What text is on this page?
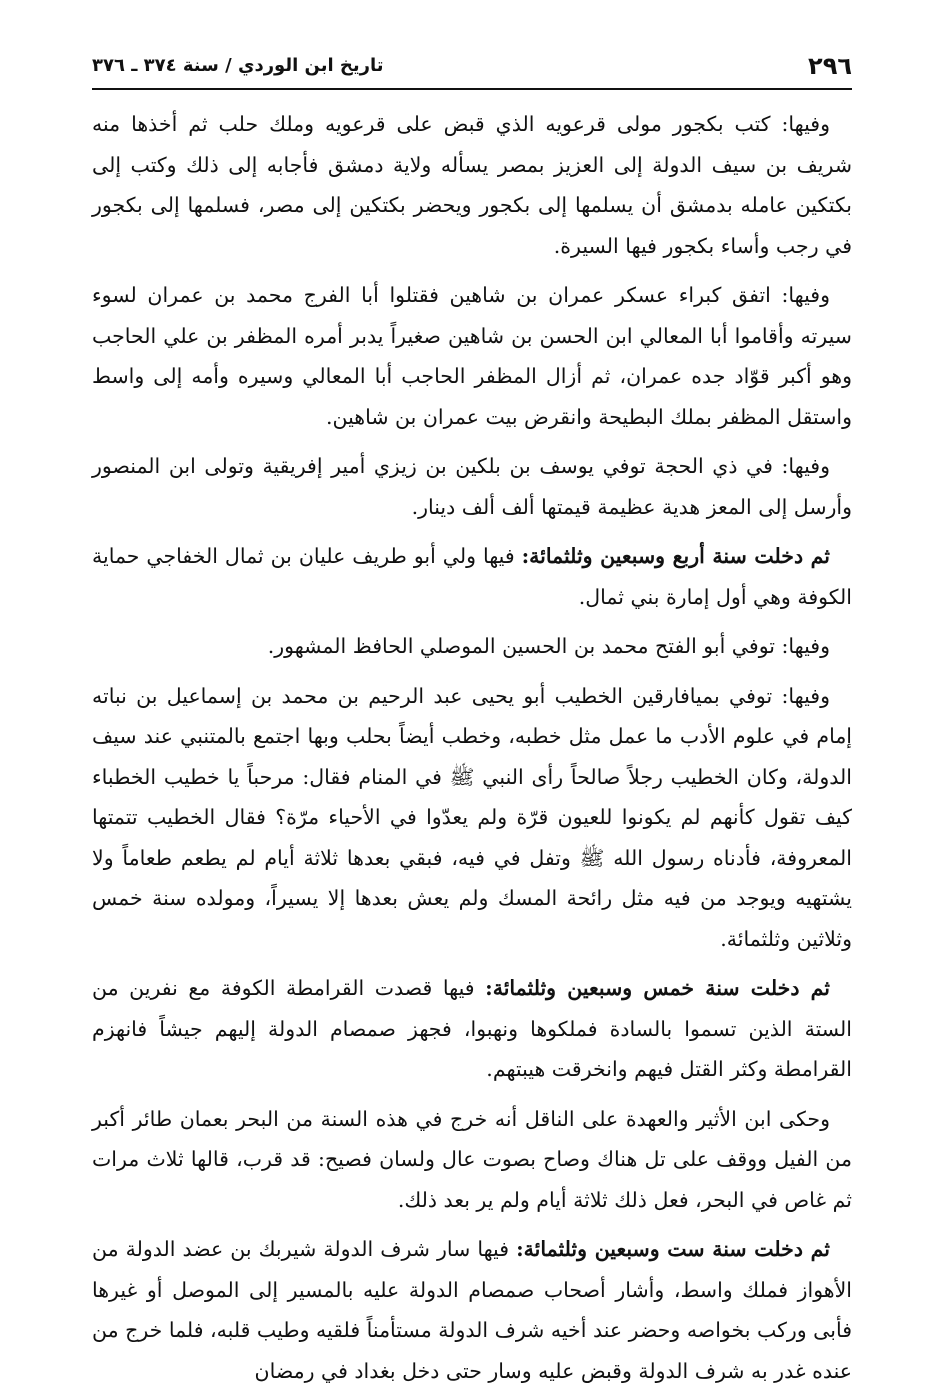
٢٩٦
تاريخ ابن الوردي / سنة ٣٧٤ ـ ٣٧٦

وفيها: كتب بكجور مولى قرعويه الذي قبض على قرعويه وملك حلب ثم أخذها منه شريف بن سيف الدولة إلى العزيز بمصر يسأله ولاية دمشق فأجابه إلى ذلك وكتب إلى بكتكين عامله بدمشق أن يسلمها إلى بكجور ويحضر بكتكين إلى مصر، فسلمها إلى بكجور في رجب وأساء بكجور فيها السيرة.

وفيها: اتفق كبراء عسكر عمران بن شاهين فقتلوا أبا الفرج محمد بن عمران لسوء سيرته وأقاموا أبا المعالي ابن الحسن بن شاهين صغيراً يدبر أمره المظفر بن علي الحاجب وهو أكبر قوّاد جده عمران، ثم أزال المظفر الحاجب أبا المعالي وسيره وأمه إلى واسط واستقل المظفر بملك البطيحة وانقرض بيت عمران بن شاهين.

وفيها: في ذي الحجة توفي يوسف بن بلكين بن زيزي أمير إفريقية وتولى ابن المنصور وأرسل إلى المعز هدية عظيمة قيمتها ألف ألف دينار.

ثم دخلت سنة أربع وسبعين وثلثمائة: فيها ولي أبو طريف عليان بن ثمال الخفاجي حماية الكوفة وهي أول إمارة بني ثمال.

وفيها: توفي أبو الفتح محمد بن الحسين الموصلي الحافظ المشهور.

وفيها: توفي بميافارقين الخطيب أبو يحيى عبد الرحيم بن محمد بن إسماعيل بن نباته إمام في علوم الأدب ما عمل مثل خطبه، وخطب أيضاً بحلب وبها اجتمع بالمتنبي عند سيف الدولة، وكان الخطيب رجلاً صالحاً رأى النبي ﷺ في المنام فقال: مرحباً يا خطيب الخطباء كيف تقول كأنهم لم يكونوا للعيون قرّة ولم يعدّوا في الأحياء مرّة؟ فقال الخطيب تتمتها المعروفة، فأدناه رسول الله ﷺ وتفل في فيه، فبقي بعدها ثلاثة أيام لم يطعم طعاماً ولا يشتهيه ويوجد من فيه مثل رائحة المسك ولم يعش بعدها إلا يسيراً، ومولده سنة خمس وثلاثين وثلثمائة.

ثم دخلت سنة خمس وسبعين وثلثمائة: فيها قصدت القرامطة الكوفة مع نفرين من الستة الذين تسموا بالسادة فملكوها ونهبوا، فجهز صمصام الدولة إليهم جيشاً فانهزم القرامطة وكثر القتل فيهم وانخرقت هيبتهم.

وحكى ابن الأثير والعهدة على الناقل أنه خرج في هذه السنة من البحر بعمان طائر أكبر من الفيل ووقف على تل هناك وصاح بصوت عال ولسان فصيح: قد قرب، قالها ثلاث مرات ثم غاص في البحر، فعل ذلك ثلاثة أيام ولم ير بعد ذلك.

ثم دخلت سنة ست وسبعين وثلثمائة: فيها سار شرف الدولة شيربك بن عضد الدولة من الأهواز فملك واسط، وأشار أصحاب صمصام الدولة عليه بالمسير إلى الموصل أو غيرها فأبى وركب بخواصه وحضر عند أخيه شرف الدولة مستأمناً فلقيه وطيب قلبه، فلما خرج من عنده غدر به شرف الدولة وقبض عليه وسار حتى دخل بغداد في رمضان
